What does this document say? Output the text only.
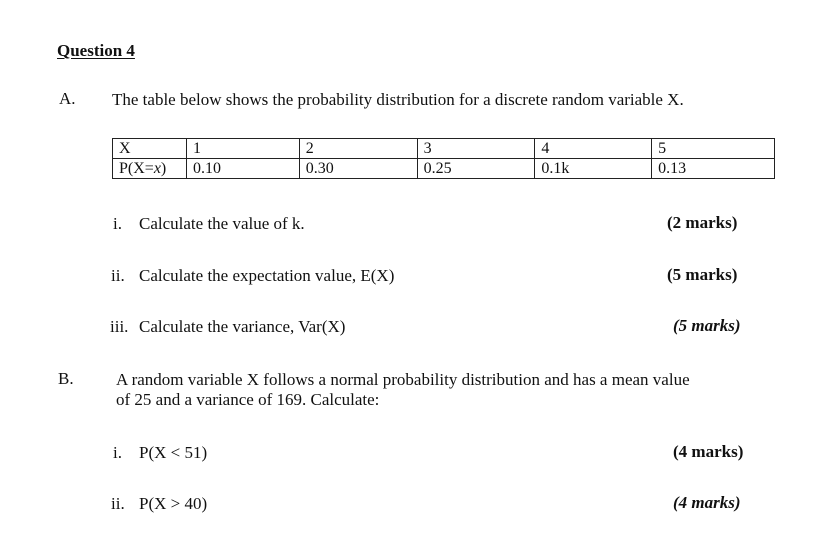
Question 4
A. The table below shows the probability distribution for a discrete random variable X.
X	1	2	3	4	5
P(X=x)	0.10	0.30	0.25	0.1k	0.13
i. Calculate the value of k.	(2 marks)
ii. Calculate the expectation value, E(X)	(5 marks)
iii. Calculate the variance, Var(X)	(5 marks)
B. A random variable X follows a normal probability distribution and has a mean value
of 25 and a variance of 169. Calculate:
i. P(X < 51)	(4 marks)
ii. P(X > 40)	(4 marks)
